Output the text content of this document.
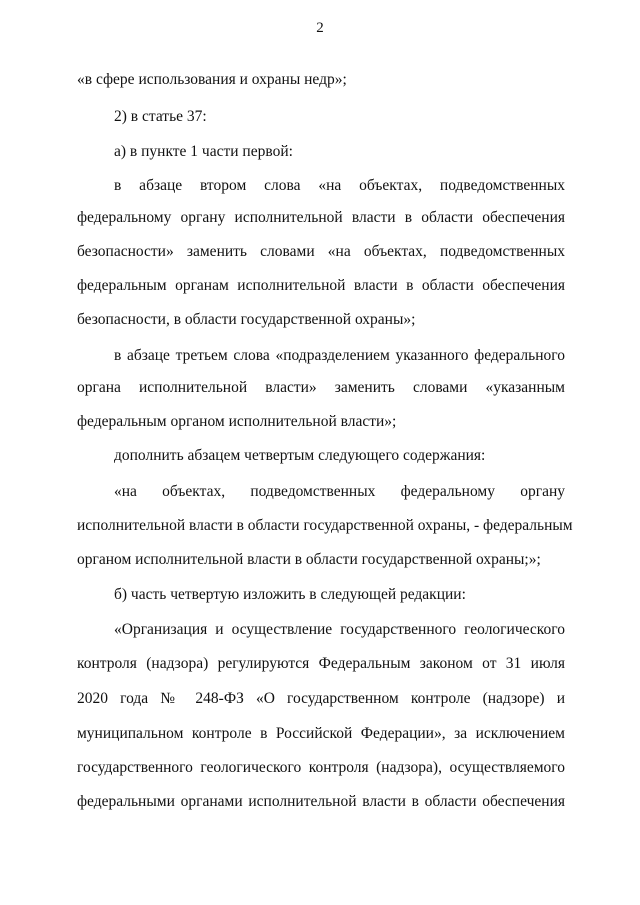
2
«в сфере использования и охраны недр»;
2) в статье 37:
а) в пункте 1 части первой:
в абзаце втором слова «на объектах, подведомственных
федеральному органу исполнительной власти в области обеспечения
безопасности» заменить словами «на объектах, подведомственных
федеральным органам исполнительной власти в области обеспечения
безопасности, в области государственной охраны»;
в абзаце третьем слова «подразделением указанного федерального
органа исполнительной власти» заменить словами «указанным
федеральным органом исполнительной власти»;
дополнить абзацем четвертым следующего содержания:
«на объектах, подведомственных федеральному органу
исполнительной власти в области государственной охраны, - федеральным
органом исполнительной власти в области государственной охраны;»;
б) часть четвертую изложить в следующей редакции:
«Организация и осуществление государственного геологического
контроля (надзора) регулируются Федеральным законом от 31 июля
2020 года № 248-ФЗ «О государственном контроле (надзоре) и
муниципальном контроле в Российской Федерации», за исключением
государственного геологического контроля (надзора), осуществляемого
федеральными органами исполнительной власти в области обеспечения
